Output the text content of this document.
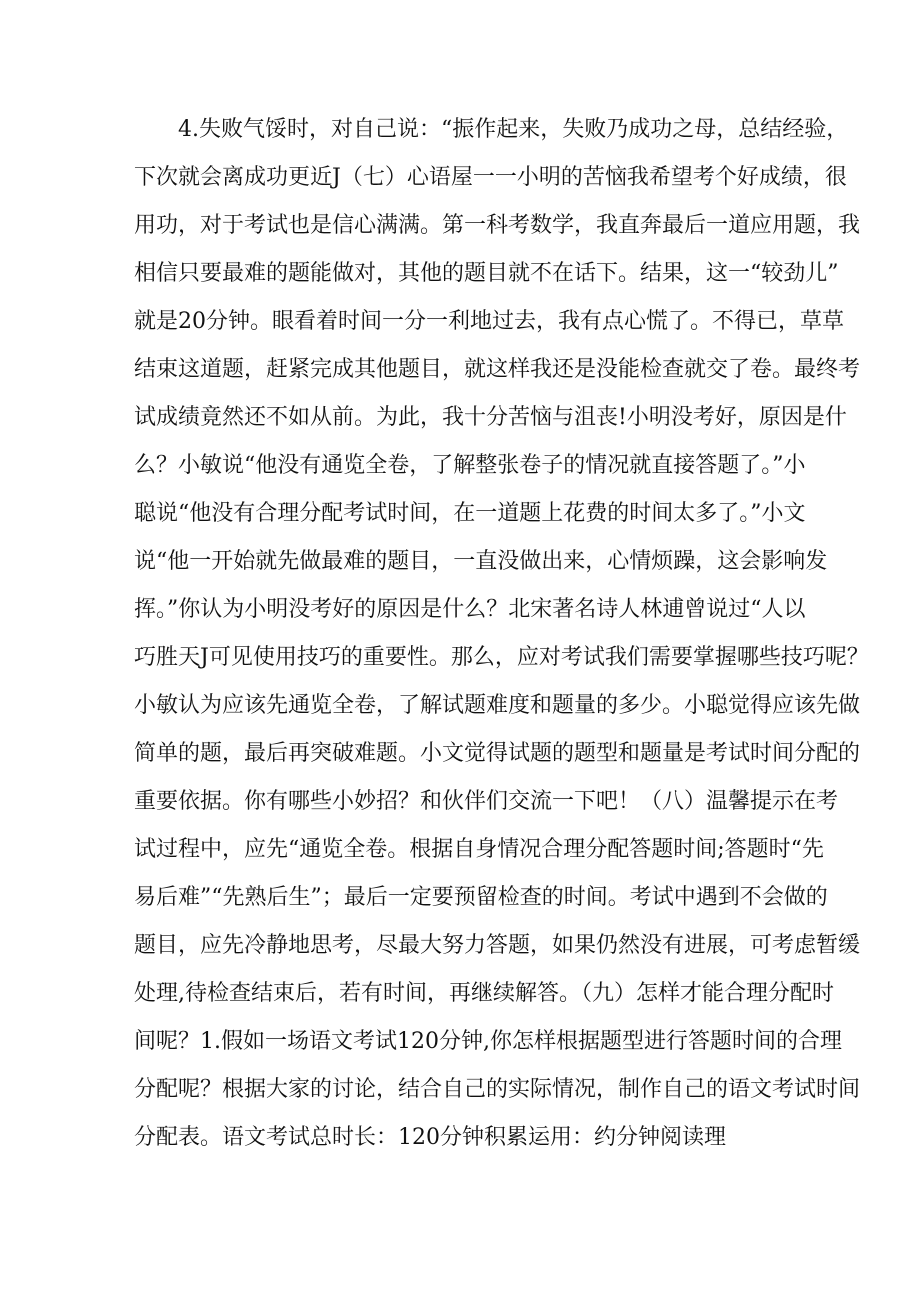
4.失败气馁时，对自己说：“振作起来，失败乃成功之母，总结经验，
下次就会离成功更近J（七）心语屋一一小明的苦恼我希望考个好成绩，很
用功，对于考试也是信心满满。第一科考数学，我直奔最后一道应用题，我
相信只要最难的题能做对，其他的题目就不在话下。结果，这一“较劲儿”
就是20分钟。眼看着时间一分一利地过去，我有点心慌了。不得已，草草
结束这道题，赶紧完成其他题目，就这样我还是没能检查就交了卷。最终考
试成绩竟然还不如从前。为此，我十分苦恼与沮丧!小明没考好，原因是什
么？小敏说“他没有通览全卷，了解整张卷子的情况就直接答题了。”小
聪说“他没有合理分配考试时间，在一道题上花费的时间太多了。”小文
说“他一开始就先做最难的题目，一直没做出来，心情烦躁，这会影响发
挥。”你认为小明没考好的原因是什么？北宋著名诗人林逋曾说过“人以
巧胜天J可见使用技巧的重要性。那么，应对考试我们需要掌握哪些技巧呢？
小敏认为应该先通览全卷，了解试题难度和题量的多少。小聪觉得应该先做
简单的题，最后再突破难题。小文觉得试题的题型和题量是考试时间分配的
重要依据。你有哪些小妙招？和伙伴们交流一下吧！（八）温馨提示在考
试过程中，应先“通览全卷。根据自身情况合理分配答题时间;答题时“先
易后难”“先熟后生”；最后一定要预留检查的时间。考试中遇到不会做的
题目，应先冷静地思考，尽最大努力答题，如果仍然没有进展，可考虑暂缓
处理,待检查结束后，若有时间，再继续解答。（九）怎样才能合理分配时
间呢？1.假如一场语文考试120分钟,你怎样根据题型进行答题时间的合理
分配呢？根据大家的讨论，结合自己的实际情况，制作自己的语文考试时间
分配表。语文考试总时长：120分钟积累运用：约分钟阅读理
